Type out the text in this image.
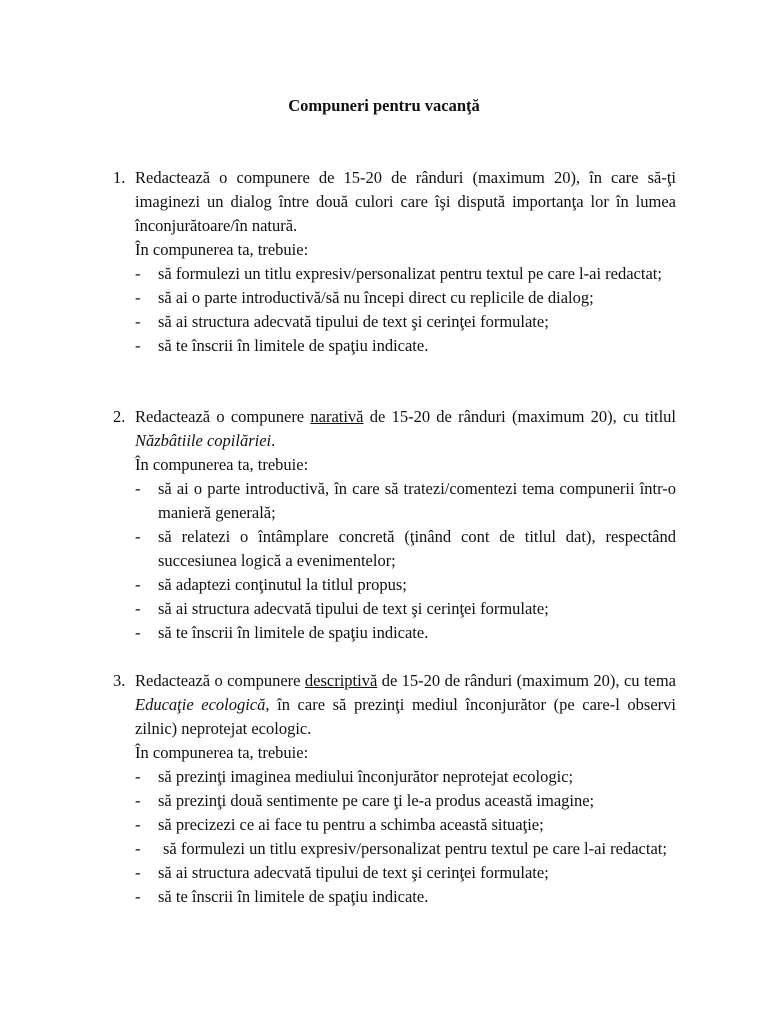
Compuneri pentru vacanţă
1. Redactează o compunere de 15-20 de rânduri (maximum 20), în care să-ţi imaginezi un dialog între două culori care îşi dispută importanţa lor în lumea înconjurătoare/în natură.
În compunerea ta, trebuie:
- să formulezi un titlu expresiv/personalizat pentru textul pe care l-ai redactat;
- să ai o parte introductivă/să nu începi direct cu replicile de dialog;
- să ai structura adecvată tipului de text şi cerinţei formulate;
- să te înscrii în limitele de spaţiu indicate.
2. Redactează o compunere narativă de 15-20 de rânduri (maximum 20), cu titlul Năzbâtiile copilăriei.
În compunerea ta, trebuie:
- să ai o parte introductivă, în care să tratezi/comentezi tema compunerii într-o manieră generală;
- să relatezi o întâmplare concretă (ţinând cont de titlul dat), respectând succesiunea logică a evenimentelor;
- să adaptezi conţinutul la titlul propus;
- să ai structura adecvată tipului de text şi cerinţei formulate;
- să te înscrii în limitele de spaţiu indicate.
3. Redactează o compunere descriptivă de 15-20 de rânduri (maximum 20), cu tema Educaţie ecologică, în care să prezinţi mediul înconjurător (pe care-l observi zilnic) neprotejat ecologic.
În compunerea ta, trebuie:
- să prezinţi imaginea mediului înconjurător neprotejat ecologic;
- să prezinţi două sentimente pe care ţi le-a produs această imagine;
- să precizezi ce ai face tu pentru a schimba această situaţie;
-	să formulezi un titlu expresiv/personalizat pentru textul pe care l-ai redactat;
- să ai structura adecvată tipului de text şi cerinţei formulate;
- să te înscrii în limitele de spaţiu indicate.
